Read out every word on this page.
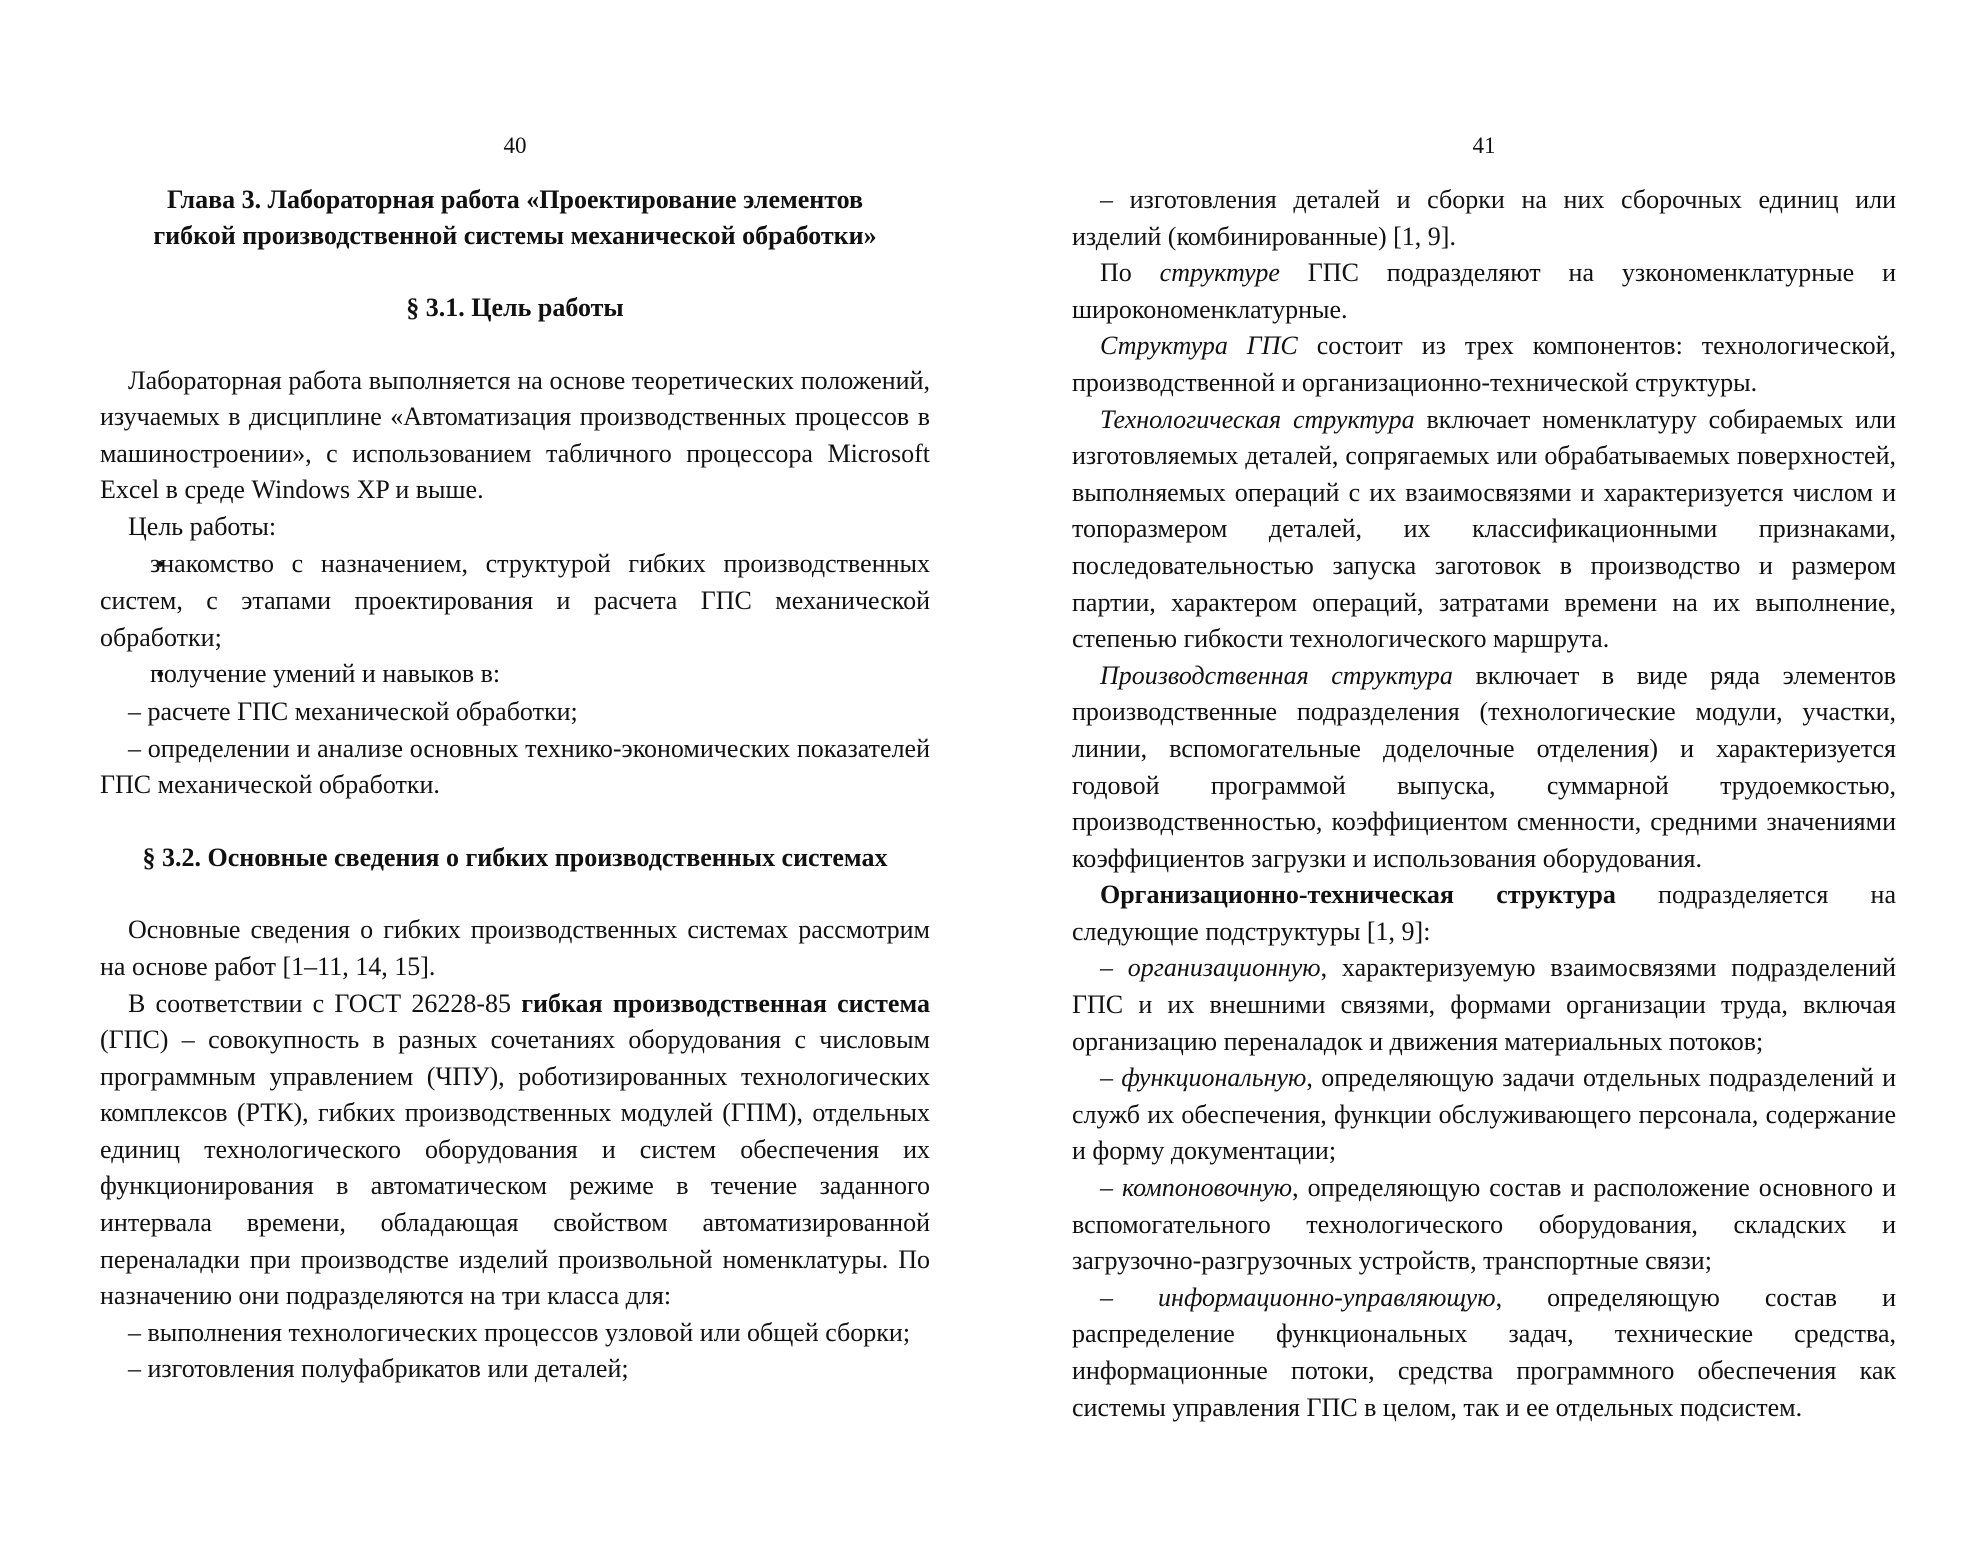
40

Глава 3. Лабораторная работа «Проектирование элементов
гибкой производственной системы механической обработки»

§ 3.1. Цель работы

Лабораторная работа выполняется на основе теоретических положений, изучаемых в дисциплине «Автоматизация производственных процессов в машиностроении», с использованием табличного процессора Microsoft Excel в среде Windows XP и выше.

Цель работы:

• знакомство с назначением, структурой гибких производственных систем, с этапами проектирования и расчета ГПС механической обработки;

• получение умений и навыков в:

– расчете ГПС механической обработки;

– определении и анализе основных технико-экономических показателей ГПС механической обработки.

§ 3.2. Основные сведения о гибких производственных системах

Основные сведения о гибких производственных системах рассмотрим на основе работ [1–11, 14, 15].

В соответствии с ГОСТ 26228-85 гибкая производственная система (ГПС) – совокупность в разных сочетаниях оборудования с числовым программным управлением (ЧПУ), роботизированных технологических комплексов (РТК), гибких производственных модулей (ГПМ), отдельных единиц технологического оборудования и систем обеспечения их функционирования в автоматическом режиме в течение заданного интервала времени, обладающая свойством автоматизированной переналадки при производстве изделий произвольной номенклатуры. По назначению они подразделяются на три класса для:

– выполнения технологических процессов узловой или общей сборки;

– изготовления полуфабрикатов или деталей;

41

– изготовления деталей и сборки на них сборочных единиц или изделий (комбинированные) [1, 9].

По структуре ГПС подразделяют на узкономенклатурные и широкономенклатурные.

Структура ГПС состоит из трех компонентов: технологической, производственной и организационно-технической структуры.

Технологическая структура включает номенклатуру собираемых или изготовляемых деталей, сопрягаемых или обрабатываемых поверхностей, выполняемых операций с их взаимосвязями и характеризуется числом и топоразмером деталей, их классификационными признаками, последовательностью запуска заготовок в производство и размером партии, характером операций, затратами времени на их выполнение, степенью гибкости технологического маршрута.

Производственная структура включает в виде ряда элементов производственные подразделения (технологические модули, участки, линии, вспомогательные доделочные отделения) и характеризуется годовой программой выпуска, суммарной трудоемкостью, производственностью, коэффициентом сменности, средними значениями коэффициентов загрузки и использования оборудования.

Организационно-техническая структура подразделяется на следующие подструктуры [1, 9]:

– организационную, характеризуемую взаимосвязями подразделений ГПС и их внешними связями, формами организации труда, включая организацию переналадок и движения материальных потоков;

– функциональную, определяющую задачи отдельных подразделений и служб их обеспечения, функции обслуживающего персонала, содержание и форму документации;

– компоновочную, определяющую состав и расположение основного и вспомогательного технологического оборудования, складских и загрузочно-разгрузочных устройств, транспортные связи;

– информационно-управляющую, определяющую состав и распределение функциональных задач, технические средства, информационные потоки, средства программного обеспечения как системы управления ГПС в целом, так и ее отдельных подсистем.
